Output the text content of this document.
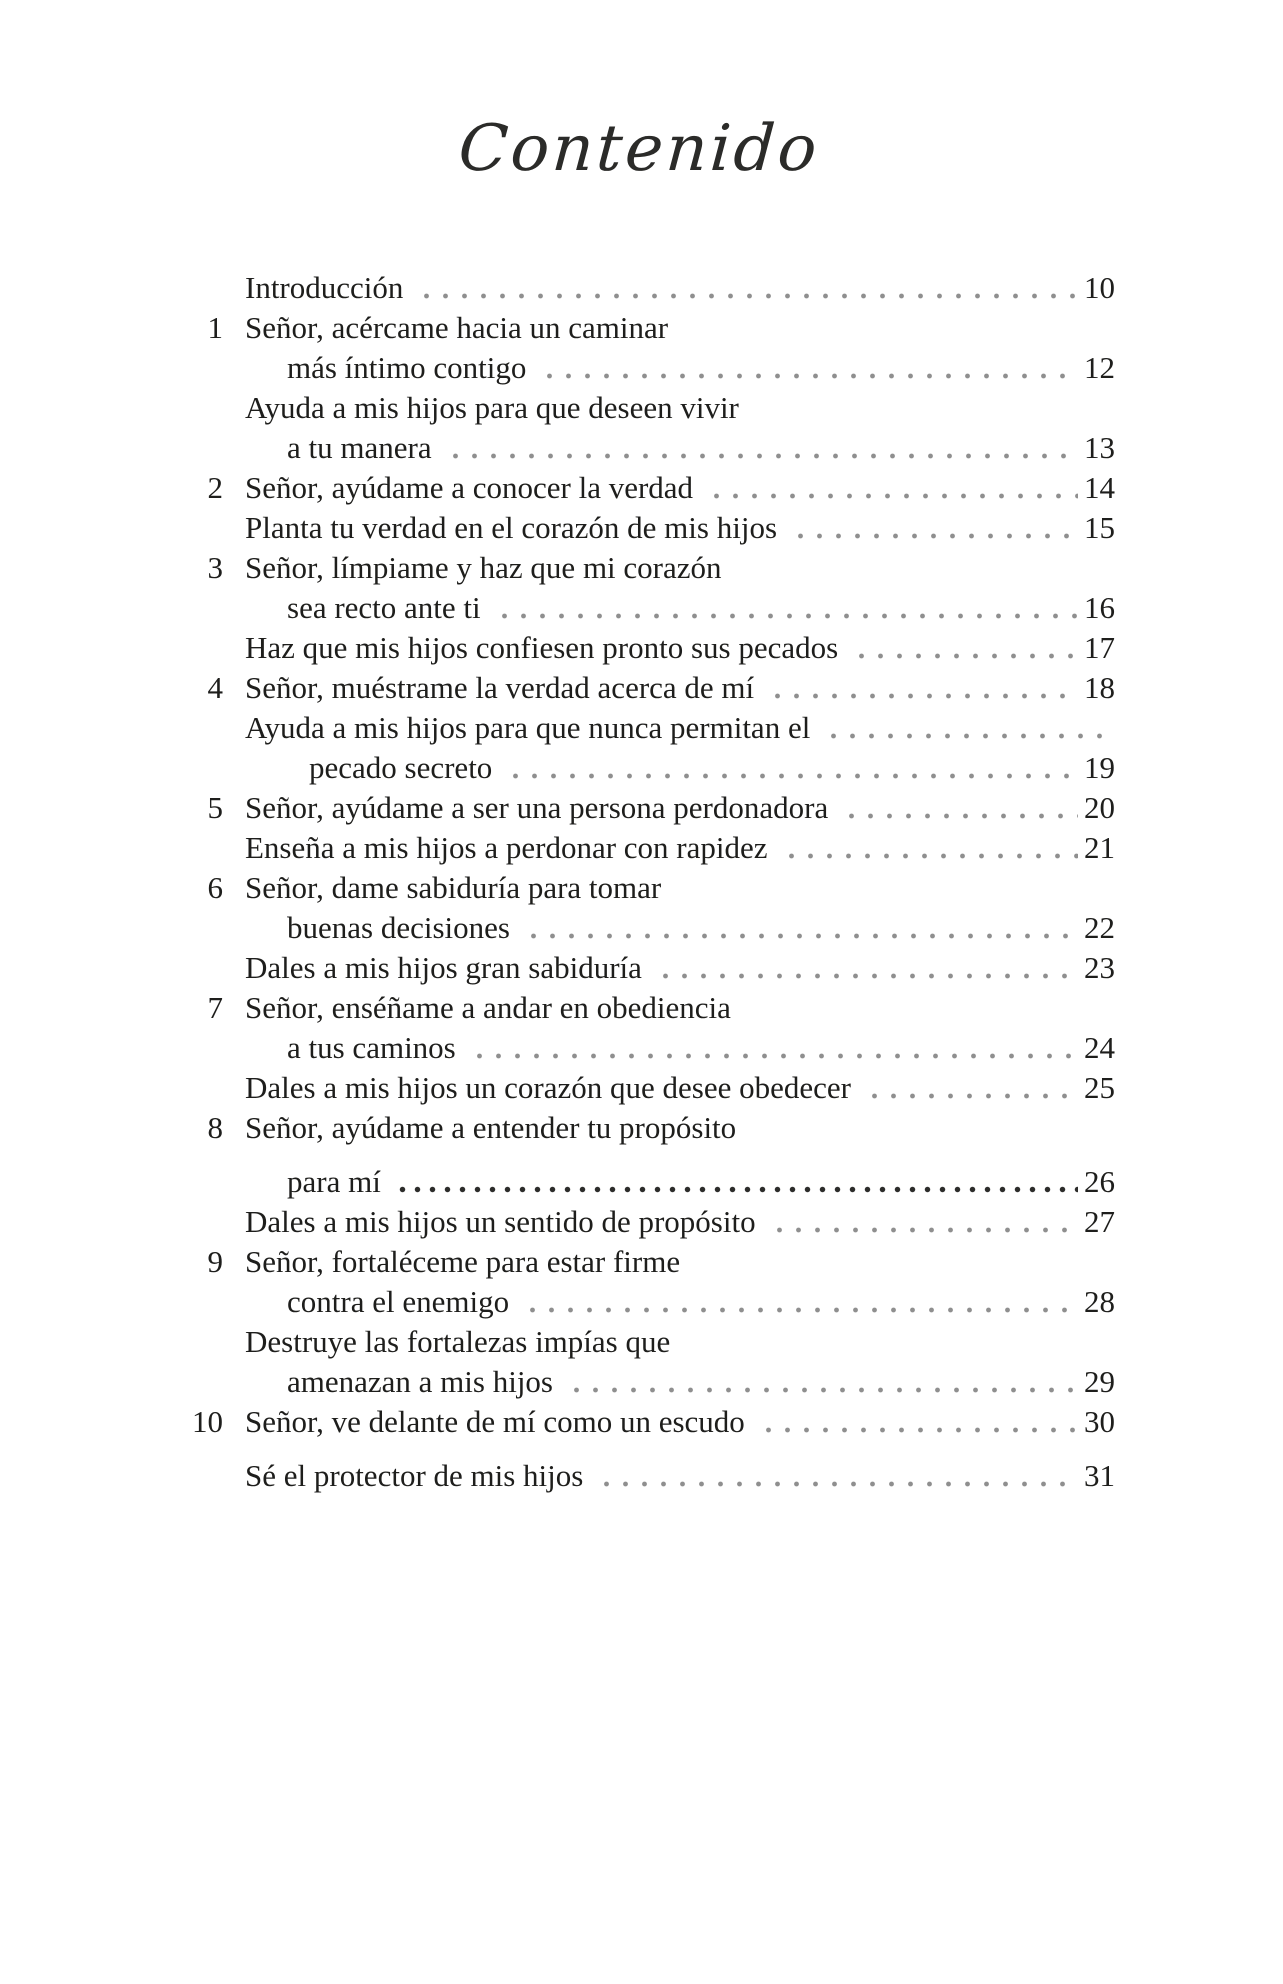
Contenido
Introducción	10
1 Señor, acércame hacia un caminar
más íntimo contigo	12
Ayuda a mis hijos para que deseen vivir
a tu manera	13
2 Señor, ayúdame a conocer la verdad	14
Planta tu verdad en el corazón de mis hijos	15
3 Señor, límpiame y haz que mi corazón
sea recto ante ti	16
Haz que mis hijos confiesen pronto sus pecados	17
4 Señor, muéstrame la verdad acerca de mí	18
Ayuda a mis hijos para que nunca permitan el
pecado secreto	19
5 Señor, ayúdame a ser una persona perdonadora	20
Enseña a mis hijos a perdonar con rapidez	21
6 Señor, dame sabiduría para tomar
buenas decisiones	22
Dales a mis hijos gran sabiduría	23
7 Señor, enséñame a andar en obediencia
a tus caminos	24
Dales a mis hijos un corazón que desee obedecer	25
8 Señor, ayúdame a entender tu propósito
para mí	26
Dales a mis hijos un sentido de propósito	27
9 Señor, fortaléceme para estar firme
contra el enemigo	28
Destruye las fortalezas impías que
amenazan a mis hijos	29
10 Señor, ve delante de mí como un escudo	30
Sé el protector de mis hijos	31
